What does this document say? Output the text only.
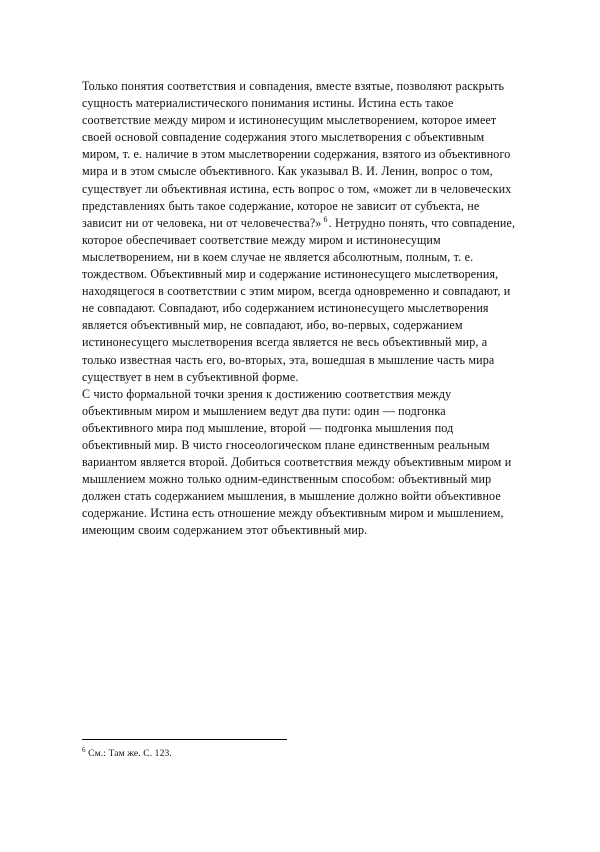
Только понятия соответствия и совпадения, вместе взятые, позволяют раскрыть сущность материалистического понимания истины. Истина есть такое соответствие между миром и истинонесущим мыслетворением, которое имеет своей основой совпадение содержания этого мыслетворения с объективным миром, т. е. наличие в этом мыслетворении содержания, взятого из объективного мира и в этом смысле объективного. Как указывал В. И. Ленин, вопрос о том, существует ли объективная истина, есть вопрос о том, «может ли в человеческих представлениях быть такое содержание, которое не зависит от субъекта, не зависит ни от человека, ни от человечества?» $^6$. Нетрудно понять, что совпадение, которое обеспечивает соответствие между миром и истинонесущим мыслетворением, ни в коем случае не является абсолютным, полным, т. е. тождеством. Объективный мир и содержание истинонесущего мыслетворения, находящегося в соответствии с этим миром, всегда одновременно и совпадают, и не совпадают. Совпадают, ибо содержанием истинонесущего мыслетворения является объективный мир, не совпадают, ибо, во-первых, содержанием истинонесущего мыслетворения всегда является не весь объективный мир, а только известная часть его, во-вторых, эта, вошедшая в мышление часть мира существует в нем в субъективной форме.

С чисто формальной точки зрения к достижению соответствия между объективным миром и мышлением ведут два пути: один — подгонка объективного мира под мышление, второй — подгонка мышления под объективный мир. В чисто гносеологическом плане единственным реальным вариантом является второй. Добиться соответствия между объективным миром и мышлением можно только одним-единственным способом: объективный мир должен стать содержанием мышления, в мышление должно войти объективное содержание. Истина есть отношение между объективным миром и мышлением, имеющим своим содержанием этот объективный мир.

$^6$ См.: Там же. С. 123.
